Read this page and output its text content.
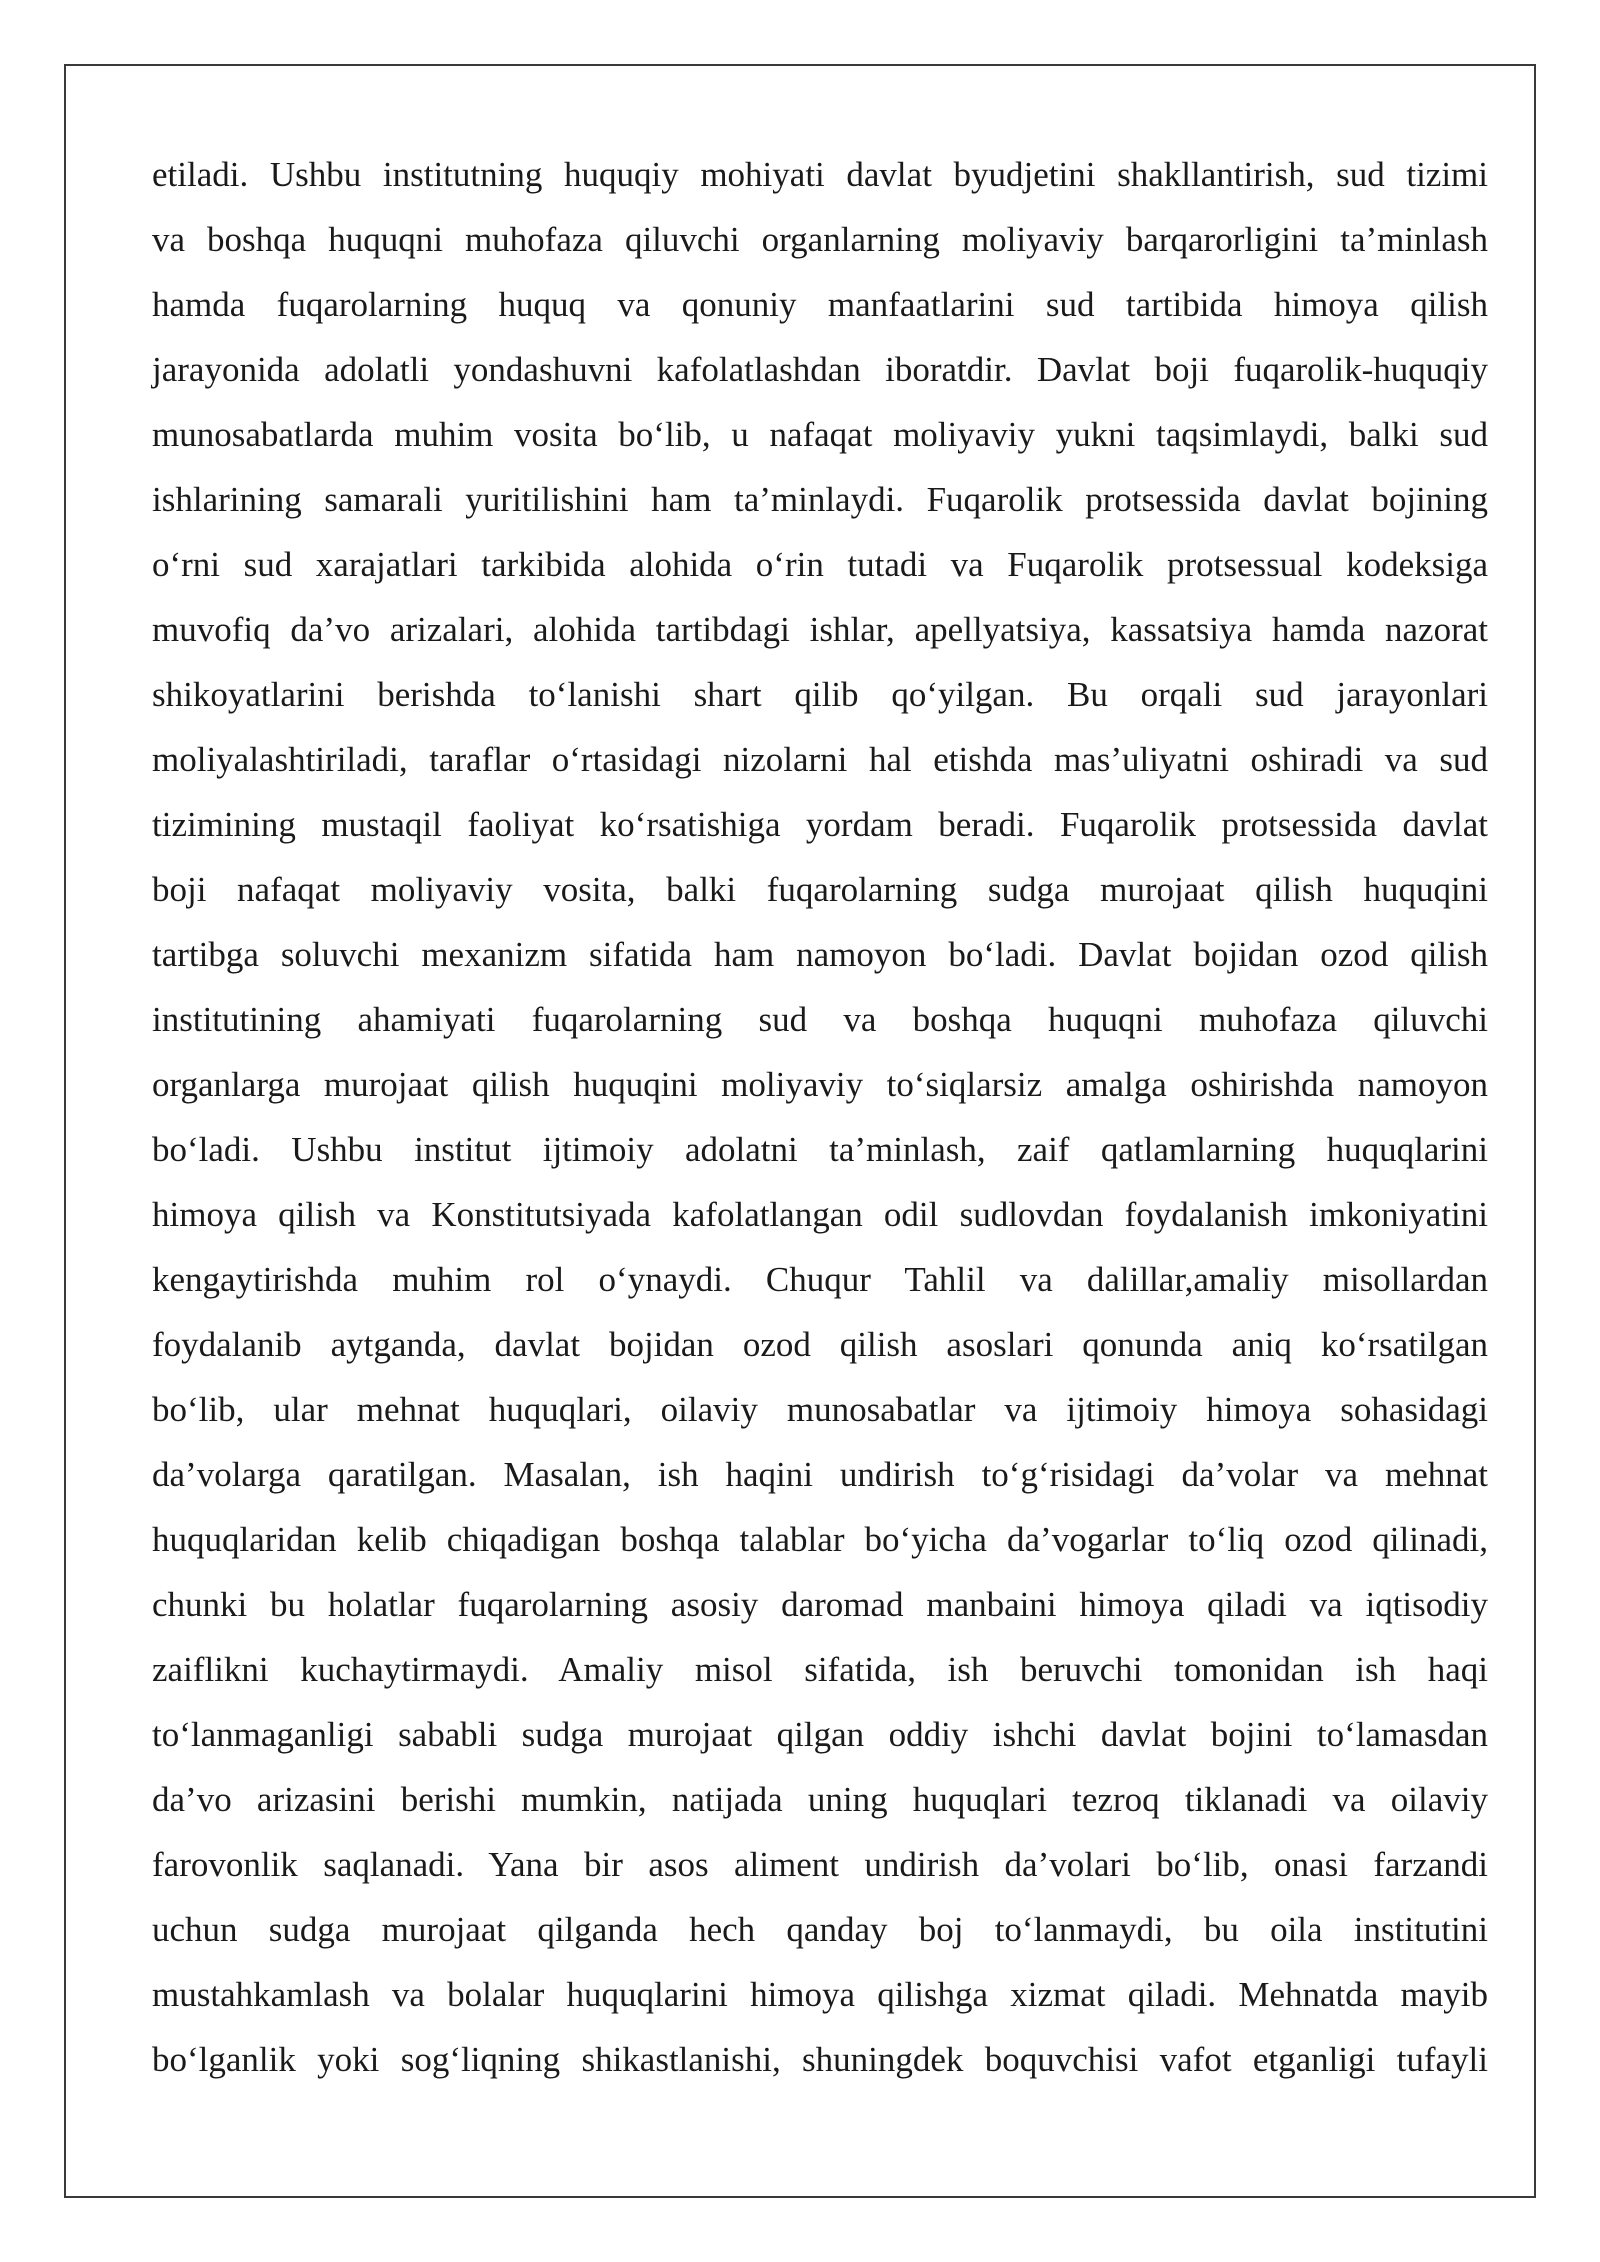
etiladi. Ushbu institutning huquqiy mohiyati davlat byudjetini shakllantirish, sud tizimi
va boshqa huquqni muhofaza qiluvchi organlarning moliyaviy barqarorligini ta’minlash
hamda fuqarolarning huquq va qonuniy manfaatlarini sud tartibida himoya qilish
jarayonida adolatli yondashuvni kafolatlashdan iboratdir. Davlat boji fuqarolik-huquqiy
munosabatlarda muhim vosita bo‘lib, u nafaqat moliyaviy yukni taqsimlaydi, balki sud
ishlarining samarali yuritilishini ham ta’minlaydi. Fuqarolik protsessida davlat bojining
o‘rni sud xarajatlari tarkibida alohida o‘rin tutadi va Fuqarolik protsessual kodeksiga
muvofiq da’vo arizalari, alohida tartibdagi ishlar, apellyatsiya, kassatsiya hamda nazorat
shikoyatlarini berishda to‘lanishi shart qilib qo‘yilgan. Bu orqali sud jarayonlari
moliyalashtiriladi, taraflar o‘rtasidagi nizolarni hal etishda mas’uliyatni oshiradi va sud
tizimining mustaqil faoliyat ko‘rsatishiga yordam beradi. Fuqarolik protsessida davlat
boji nafaqat moliyaviy vosita, balki fuqarolarning sudga murojaat qilish huquqini
tartibga soluvchi mexanizm sifatida ham namoyon bo‘ladi. Davlat bojidan ozod qilish
institutining ahamiyati fuqarolarning sud va boshqa huquqni muhofaza qiluvchi
organlarga murojaat qilish huquqini moliyaviy to‘siqlarsiz amalga oshirishda namoyon
bo‘ladi. Ushbu institut ijtimoiy adolatni ta’minlash, zaif qatlamlarning huquqlarini
himoya qilish va Konstitutsiyada kafolatlangan odil sudlovdan foydalanish imkoniyatini
kengaytirishda muhim rol o‘ynaydi. Chuqur Tahlil va dalillar,amaliy misollardan
foydalanib aytganda, davlat bojidan ozod qilish asoslari qonunda aniq ko‘rsatilgan
bo‘lib, ular mehnat huquqlari, oilaviy munosabatlar va ijtimoiy himoya sohasidagi
da’volarga qaratilgan. Masalan, ish haqini undirish to‘g‘risidagi da’volar va mehnat
huquqlaridan kelib chiqadigan boshqa talablar bo‘yicha da’vogarlar to‘liq ozod qilinadi,
chunki bu holatlar fuqarolarning asosiy daromad manbaini himoya qiladi va iqtisodiy
zaiflikni kuchaytirmaydi. Amaliy misol sifatida, ish beruvchi tomonidan ish haqi
to‘lanmaganligi sababli sudga murojaat qilgan oddiy ishchi davlat bojini to‘lamasdan
da’vo arizasini berishi mumkin, natijada uning huquqlari tezroq tiklanadi va oilaviy
farovonlik saqlanadi. Yana bir asos aliment undirish da’volari bo‘lib, onasi farzandi
uchun sudga murojaat qilganda hech qanday boj to‘lanmaydi, bu oila institutini
mustahkamlash va bolalar huquqlarini himoya qilishga xizmat qiladi. Mehnatda mayib
bo‘lganlik yoki sog‘liqning shikastlanishi, shuningdek boquvchisi vafot etganligi tufayli
